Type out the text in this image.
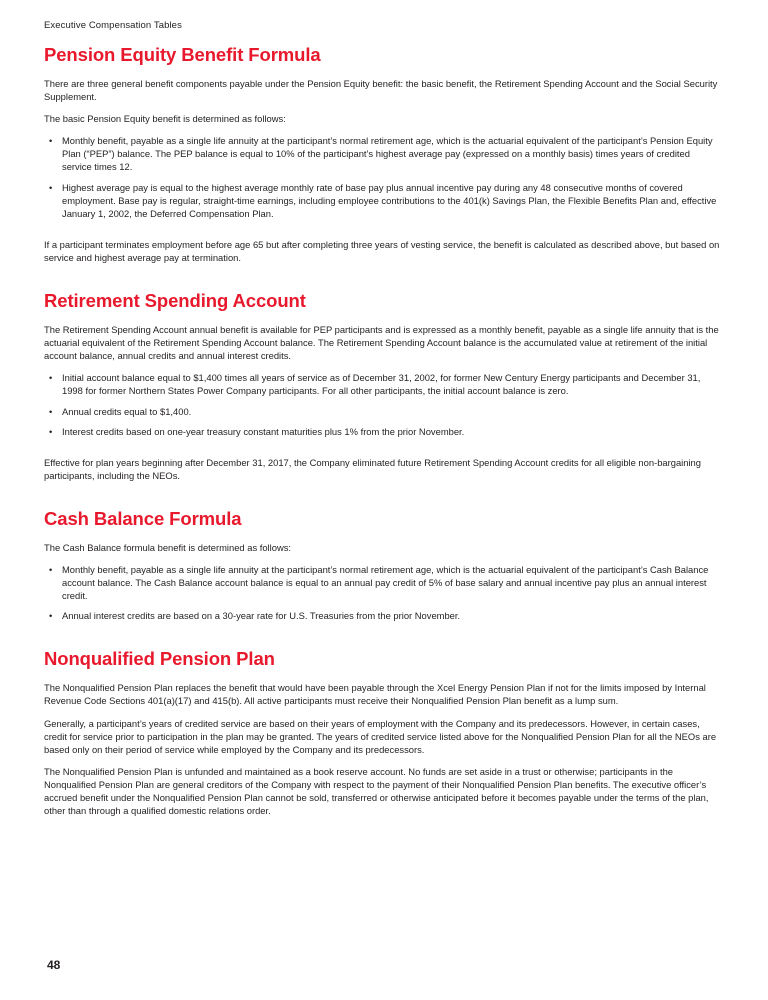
Executive Compensation Tables
Pension Equity Benefit Formula

There are three general benefit components payable under the Pension Equity benefit: the basic benefit, the Retirement Spending Account and the Social Security Supplement.

The basic Pension Equity benefit is determined as follows:

• Monthly benefit, payable as a single life annuity at the participant’s normal retirement age, which is the actuarial equivalent of the participant’s Pension Equity Plan (“PEP”) balance. The PEP balance is equal to 10% of the participant’s highest average pay (expressed on a monthly basis) times years of credited service times 12.
• Highest average pay is equal to the highest average monthly rate of base pay plus annual incentive pay during any 48 consecutive months of covered employment. Base pay is regular, straight-time earnings, including employee contributions to the 401(k) Savings Plan, the Flexible Benefits Plan and, effective January 1, 2002, the Deferred Compensation Plan.

If a participant terminates employment before age 65 but after completing three years of vesting service, the benefit is calculated as described above, but based on service and highest average pay at termination.

Retirement Spending Account

The Retirement Spending Account annual benefit is available for PEP participants and is expressed as a monthly benefit, payable as a single life annuity that is the actuarial equivalent of the Retirement Spending Account balance. The Retirement Spending Account balance is the accumulated value at retirement of the initial account balance, annual credits and annual interest credits.

• Initial account balance equal to $1,400 times all years of service as of December 31, 2002, for former New Century Energy participants and December 31, 1998 for former Northern States Power Company participants. For all other participants, the initial account balance is zero.
• Annual credits equal to $1,400.
• Interest credits based on one-year treasury constant maturities plus 1% from the prior November.

Effective for plan years beginning after December 31, 2017, the Company eliminated future Retirement Spending Account credits for all eligible non-bargaining participants, including the NEOs.

Cash Balance Formula

The Cash Balance formula benefit is determined as follows:

• Monthly benefit, payable as a single life annuity at the participant’s normal retirement age, which is the actuarial equivalent of the participant’s Cash Balance account balance. The Cash Balance account balance is equal to an annual pay credit of 5% of base salary and annual incentive pay plus an annual interest credit.
• Annual interest credits are based on a 30-year rate for U.S. Treasuries from the prior November.
Nonqualified Pension Plan

The Nonqualified Pension Plan replaces the benefit that would have been payable through the Xcel Energy Pension Plan if not for the limits imposed by Internal Revenue Code Sections 401(a)(17) and 415(b). All active participants must receive their Nonqualified Pension Plan benefit as a lump sum.

Generally, a participant’s years of credited service are based on their years of employment with the Company and its predecessors. However, in certain cases, credit for service prior to participation in the plan may be granted. The years of credited service listed above for the Nonqualified Pension Plan for all the NEOs are based only on their period of service while employed by the Company and its predecessors.

The Nonqualified Pension Plan is unfunded and maintained as a book reserve account. No funds are set aside in a trust or otherwise; participants in the Nonqualified Pension Plan are general creditors of the Company with respect to the payment of their Nonqualified Pension Plan benefits. The executive officer’s accrued benefit under the Nonqualified Pension Plan cannot be sold, transferred or otherwise anticipated before it becomes payable under the terms of the plan, other than through a qualified domestic relations order.

48
